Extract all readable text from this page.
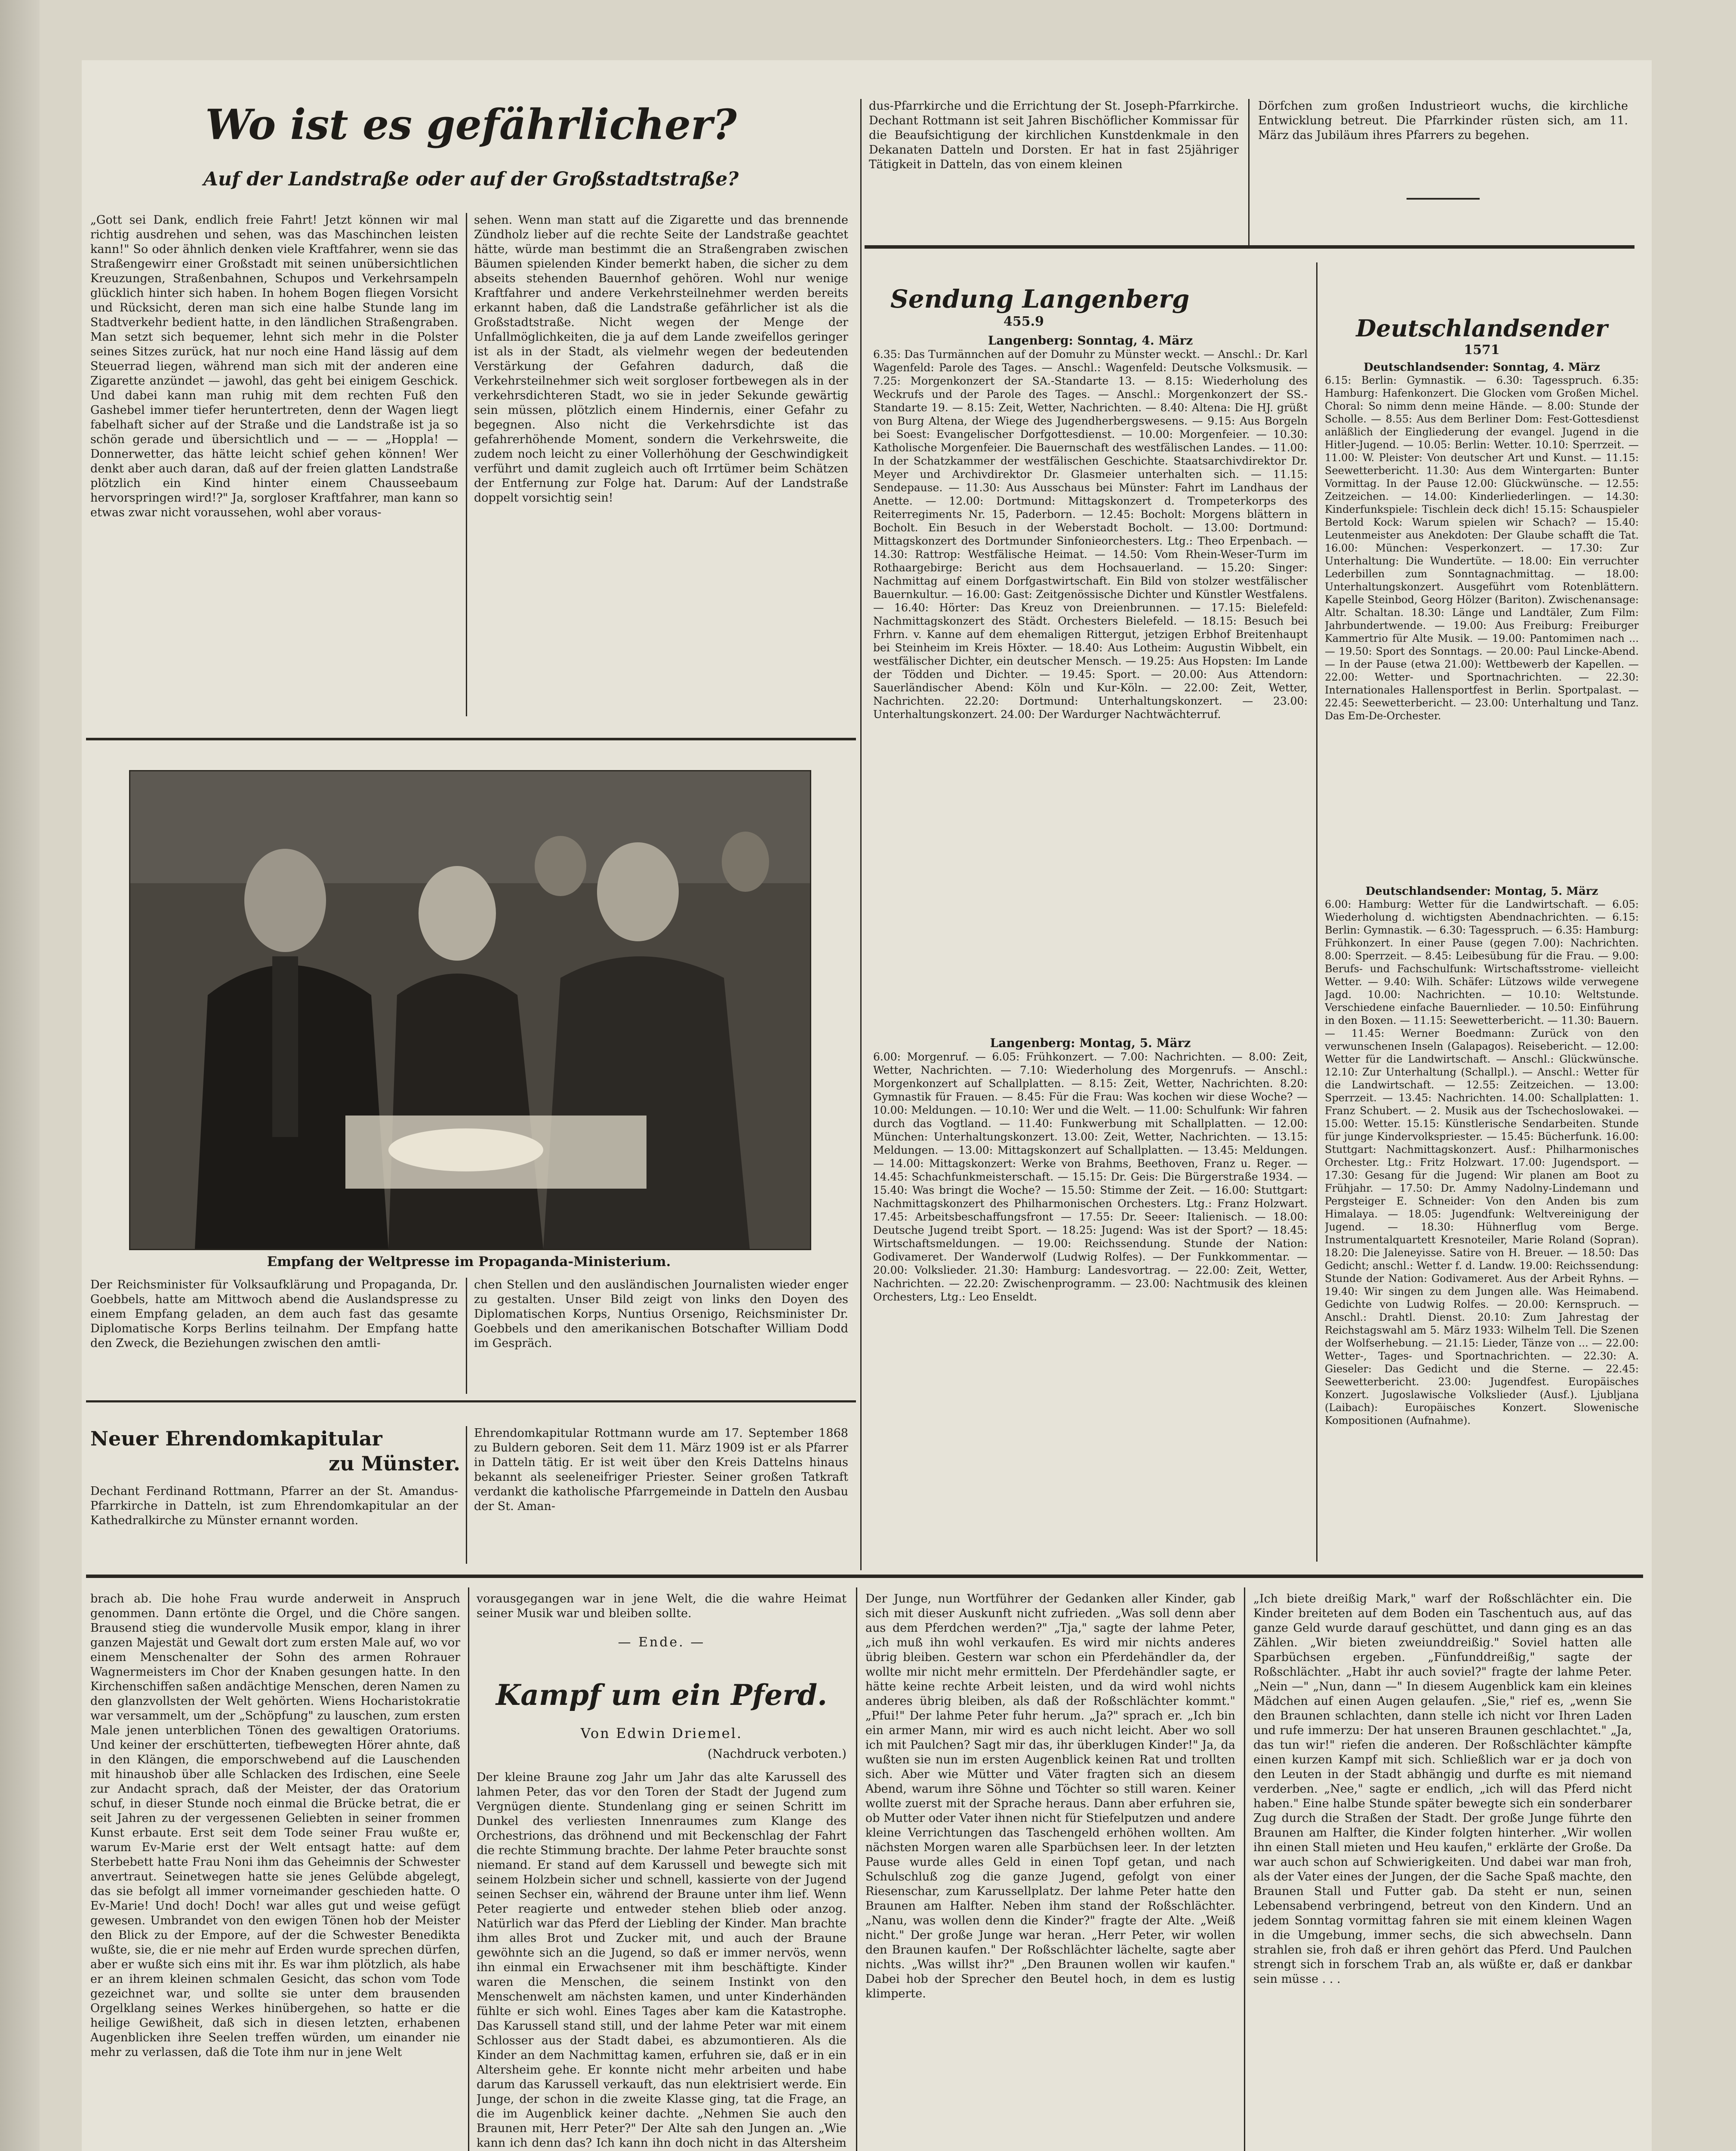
Wo ist es gefährlicher?
Auf der Landstraße oder auf der Großstadtstraße?
„Gott sei Dank, endlich freie Fahrt! Jetzt können wir mal richtig ausdrehen und sehen, was das Maschinchen leisten kann!" So oder ähnlich denken viele Kraftfahrer, wenn sie das Straßengewirr einer Großstadt mit seinen unübersichtlichen Kreuzungen, Straßenbahnen, Schupos und Verkehrsampeln glücklich hinter sich haben. In hohem Bogen fliegen Vorsicht und Rücksicht, deren man sich eine halbe Stunde lang im Stadtverkehr bedient hatte, in den ländlichen Straßengraben. Man setzt sich bequemer, lehnt sich mehr in die Polster seines Sitzes zurück, hat nur noch eine Hand lässig auf dem Steuerrad liegen, während man sich mit der anderen eine Zigarette anzündet — jawohl, das geht bei einigem Geschick. Und dabei kann man ruhig mit dem rechten Fuß den Gashebel immer tiefer heruntertreten, denn der Wagen liegt fabelhaft sicher auf der Straße und die Landstraße ist ja so schön gerade und übersichtlich und — — — „Hoppla! — Donnerwetter, das hätte leicht schief gehen können! Wer denkt aber auch daran, daß auf der freien glatten Landstraße plötzlich ein Kind hinter einem Chausseebaum hervorspringen wird!?" Ja, sorgloser Kraftfahrer, man kann so etwas zwar nicht voraussehen, wohl aber voraus-
sehen. Wenn man statt auf die Zigarette und das brennende Zündholz lieber auf die rechte Seite der Landstraße geachtet hätte, würde man bestimmt die an Straßengraben zwischen Bäumen spielenden Kinder bemerkt haben, die sicher zu dem abseits stehenden Bauernhof gehören. Wohl nur wenige Kraftfahrer und andere Verkehrsteilnehmer werden bereits erkannt haben, daß die Landstraße gefährlicher ist als die Großstadtstraße. Nicht wegen der Menge der Unfallmöglichkeiten, die ja auf dem Lande zweifellos geringer ist als in der Stadt, als vielmehr wegen der bedeutenden Verstärkung der Gefahren dadurch, daß die Verkehrsteilnehmer sich weit sorgloser fortbewegen als in der verkehrsdichteren Stadt, wo sie in jeder Sekunde gewärtig sein müssen, plötzlich einem Hindernis, einer Gefahr zu begegnen. Also nicht die Verkehrsdichte ist das gefahrerhöhende Moment, sondern die Verkehrsweite, die zudem noch leicht zu einer Vollerhöhung der Geschwindigkeit verführt und damit zugleich auch oft Irrtümer beim Schätzen der Entfernung zur Folge hat. Darum: Auf der Landstraße doppelt vorsichtig sein!
Empfang der Weltpresse im Propaganda-Ministerium.
Der Reichsminister für Volksaufklärung und Propaganda, Dr. Goebbels, hatte am Mittwoch abend die Auslandspresse zu einem Empfang geladen, an dem auch fast das gesamte Diplomatische Korps Berlins teilnahm. Der Empfang hatte den Zweck, die Beziehungen zwischen den amtli-
chen Stellen und den ausländischen Journalisten wieder enger zu gestalten. Unser Bild zeigt von links den Doyen des Diplomatischen Korps, Nuntius Orsenigo, Reichsminister Dr. Goebbels und den amerikanischen Botschafter William Dodd im Gespräch.
Neuer Ehrendomkapitular
zu Münster.
Dechant Ferdinand Rottmann, Pfarrer an der St. Amandus-Pfarrkirche in Datteln, ist zum Ehrendomkapitular an der Kathedralkirche zu Münster ernannt worden.
Ehrendomkapitular Rottmann wurde am 17. September 1868 zu Buldern geboren. Seit dem 11. März 1909 ist er als Pfarrer in Datteln tätig. Er ist weit über den Kreis Dattelns hinaus bekannt als seeleneifriger Priester. Seiner großen Tatkraft verdankt die katholische Pfarrgemeinde in Datteln den Ausbau der St. Aman-
dus-Pfarrkirche und die Errichtung der St. Joseph-Pfarrkirche. Dechant Rottmann ist seit Jahren Bischöflicher Kommissar für die Beaufsichtigung der kirchlichen Kunstdenkmale in den Dekanaten Datteln und Dorsten. Er hat in fast 25jähriger Tätigkeit in Datteln, das von einem kleinen
Dörfchen zum großen Industrieort wuchs, die kirchliche Entwicklung betreut. Die Pfarrkinder rüsten sich, am 11. März das Jubiläum ihres Pfarrers zu begehen.
Sendung Langenberg
455.9
Langenberg: Sonntag, 4. März
6.35: Das Turmännchen auf der Domuhr zu Münster weckt. — Anschl.: Dr. Karl Wagenfeld: Parole des Tages. — Anschl.: Wagenfeld: Deutsche Volksmusik. — 7.25: Morgenkonzert der SA.-Standarte 13. — 8.15: Wiederholung des Weckrufs und der Parole des Tages. — Anschl.: Morgenkonzert der SS.-Standarte 19. — 8.15: Zeit, Wetter, Nachrichten. — 8.40: Altena: Die HJ. grüßt von Burg Altena, der Wiege des Jugendherbergswesens. — 9.15: Aus Borgeln bei Soest: Evangelischer Dorfgottesdienst. — 10.00: Morgenfeier. — 10.30: Katholische Morgenfeier. Die Bauernschaft des westfälischen Landes. — 11.00: In der Schatzkammer der westfälischen Geschichte. Staatsarchivdirektor Dr. Meyer und Archivdirektor Dr. Glasmeier unterhalten sich. — 11.15: Sendepause. — 11.30: Aus Ausschaus bei Münster: Fahrt im Landhaus der Anette. — 12.00: Dortmund: Mittagskonzert d. Trompeterkorps des Reiterregiments Nr. 15, Paderborn. — 12.45: Bocholt: Morgens blättern in Bocholt. Ein Besuch in der Weberstadt Bocholt. — 13.00: Dortmund: Mittagskonzert des Dortmunder Sinfonieorchesters. Ltg.: Theo Erpenbach. — 14.30: Rattrop: Westfälische Heimat. — 14.50: Vom Rhein-Weser-Turm im Rothaargebirge: Bericht aus dem Hochsauerland. — 15.20: Singer: Nachmittag auf einem Dorfgastwirtschaft. Ein Bild von stolzer westfälischer Bauernkultur. — 16.00: Gast: Zeitgenössische Dichter und Künstler Westfalens. — 16.40: Hörter: Das Kreuz von Dreienbrunnen. — 17.15: Bielefeld: Nachmittagskonzert des Städt. Orchesters Bielefeld. — 18.15: Besuch bei Frhrn. v. Kanne auf dem ehemaligen Rittergut, jetzigen Erbhof Breitenhaupt bei Steinheim im Kreis Höxter. — 18.40: Aus Lotheim: Augustin Wibbelt, ein westfälischer Dichter, ein deutscher Mensch. — 19.25: Aus Hopsten: Im Lande der Tödden und Dichter. — 19.45: Sport. — 20.00: Aus Attendorn: Sauerländischer Abend: Köln und Kur-Köln. — 22.00: Zeit, Wetter, Nachrichten. 22.20: Dortmund: Unterhaltungskonzert. — 23.00: Unterhaltungskonzert. 24.00: Der Wardurger Nachtwächterruf.
Langenberg: Montag, 5. März
6.00: Morgenruf. — 6.05: Frühkonzert. — 7.00: Nachrichten. — 8.00: Zeit, Wetter, Nachrichten. — 7.10: Wiederholung des Morgenrufs. — Anschl.: Morgenkonzert auf Schallplatten. — 8.15: Zeit, Wetter, Nachrichten. 8.20: Gymnastik für Frauen. — 8.45: Für die Frau: Was kochen wir diese Woche? — 10.00: Meldungen. — 10.10: Wer und die Welt. — 11.00: Schulfunk: Wir fahren durch das Vogtland. — 11.40: Funkwerbung mit Schallplatten. — 12.00: München: Unterhaltungskonzert. 13.00: Zeit, Wetter, Nachrichten. — 13.15: Meldungen. — 13.00: Mittagskonzert auf Schallplatten. — 13.45: Meldungen. — 14.00: Mittagskonzert: Werke von Brahms, Beethoven, Franz u. Reger. — 14.45: Schachfunkmeisterschaft. — 15.15: Dr. Geis: Die Bürgerstraße 1934. — 15.40: Was bringt die Woche? — 15.50: Stimme der Zeit. — 16.00: Stuttgart: Nachmittagskonzert des Philharmonischen Orchesters. Ltg.: Franz Holzwart. 17.45: Arbeitsbeschaffungsfront — 17.55: Dr. Seeer: Italienisch. — 18.00: Deutsche Jugend treibt Sport. — 18.25: Jugend: Was ist der Sport? — 18.45: Wirtschaftsmeldungen. — 19.00: Reichssendung. Stunde der Nation: Godivameret. Der Wanderwolf (Ludwig Rolfes). — Der Funkkommentar. — 20.00: Volkslieder. 21.30: Hamburg: Landesvortrag. — 22.00: Zeit, Wetter, Nachrichten. — 22.20: Zwischenprogramm. — 23.00: Nachtmusik des kleinen Orchesters, Ltg.: Leo Enseldt.
Deutschlandsender
1571
Deutschlandsender: Sonntag, 4. März
6.15: Berlin: Gymnastik. — 6.30: Tagesspruch. 6.35: Hamburg: Hafenkonzert. Die Glocken vom Großen Michel. Choral: So nimm denn meine Hände. — 8.00: Stunde der Scholle. — 8.55: Aus dem Berliner Dom: Fest-Gottesdienst anläßlich der Eingliederung der evangel. Jugend in die Hitler-Jugend. — 10.05: Berlin: Wetter. 10.10: Sperrzeit. — 11.00: W. Pleister: Von deutscher Art und Kunst. — 11.15: Seewetterbericht. 11.30: Aus dem Wintergarten: Bunter Vormittag. In der Pause 12.00: Glückwünsche. — 12.55: Zeitzeichen. — 14.00: Kinderliederlingen. — 14.30: Kinderfunkspiele: Tischlein deck dich! 15.15: Schauspieler Bertold Kock: Warum spielen wir Schach? — 15.40: Leutenmeister aus Anekdoten: Der Glaube schafft die Tat. 16.00: München: Vesperkonzert. — 17.30: Zur Unterhaltung: Die Wundertüte. — 18.00: Ein verruchter Lederbillen zum Sonntagnachmittag. — 18.00: Unterhaltungskonzert. Ausgeführt vom Rotenblättern. Kapelle Steinbod, Georg Hölzer (Bariton). Zwischenansage: Altr. Schaltan. 18.30: Länge und Landtäler, Zum Film: Jahrbundertwende. — 19.00: Aus Freiburg: Freiburger Kammertrio für Alte Musik. — 19.00: Pantomimen nach ... — 19.50: Sport des Sonntags. — 20.00: Paul Lincke-Abend. — In der Pause (etwa 21.00): Wettbewerb der Kapellen. — 22.00: Wetter- und Sportnachrichten. — 22.30: Internationales Hallensportfest in Berlin. Sportpalast. — 22.45: Seewetterbericht. — 23.00: Unterhaltung und Tanz. Das Em-De-Orchester.
Deutschlandsender: Montag, 5. März
6.00: Hamburg: Wetter für die Landwirtschaft. — 6.05: Wiederholung d. wichtigsten Abendnachrichten. — 6.15: Berlin: Gymnastik. — 6.30: Tagesspruch. — 6.35: Hamburg: Frühkonzert. In einer Pause (gegen 7.00): Nachrichten. 8.00: Sperrzeit. — 8.45: Leibesübung für die Frau. — 9.00: Berufs- und Fachschulfunk: Wirtschaftsstrome- vielleicht Wetter. — 9.40: Wilh. Schäfer: Lützows wilde verwegene Jagd. 10.00: Nachrichten. — 10.10: Weltstunde. Verschiedene einfache Bauernlieder. — 10.50: Einführung in den Boxen. — 11.15: Seewetterbericht. — 11.30: Bauern. — 11.45: Werner Boedmann: Zurück von den verwunschenen Inseln (Galapagos). Reisebericht. — 12.00: Wetter für die Landwirtschaft. — Anschl.: Glückwünsche. 12.10: Zur Unterhaltung (Schallpl.). — Anschl.: Wetter für die Landwirtschaft. — 12.55: Zeitzeichen. — 13.00: Sperrzeit. — 13.45: Nachrichten. 14.00: Schallplatten: 1. Franz Schubert. — 2. Musik aus der Tschechoslowakei. — 15.00: Wetter. 15.15: Künstlerische Sendarbeiten. Stunde für junge Kindervolkspriester. — 15.45: Bücherfunk. 16.00: Stuttgart: Nachmittagskonzert. Ausf.: Philharmonisches Orchester. Ltg.: Fritz Holzwart. 17.00: Jugendsport. — 17.30: Gesang für die Jugend: Wir planen am Boot zu Frühjahr. — 17.50: Dr. Ammy Nadolny-Lindemann und Pergsteiger E. Schneider: Von den Anden bis zum Himalaya. — 18.05: Jugendfunk: Weltvereinigung der Jugend. — 18.30: Hühnerflug vom Berge. Instrumentalquartett Kresnoteiler, Marie Roland (Sopran). 18.20: Die Jaleneyisse. Satire von H. Breuer. — 18.50: Das Gedicht; anschl.: Wetter f. d. Landw. 19.00: Reichssendung: Stunde der Nation: Godivameret. Aus der Arbeit Ryhns. — 19.40: Wir singen zu dem Jungen alle. Was Heimabend. Gedichte von Ludwig Rolfes. — 20.00: Kernspruch. — Anschl.: Drahtl. Dienst. 20.10: Zum Jahrestag der Reichstagswahl am 5. März 1933: Wilhelm Tell. Die Szenen der Wolfserhebung. — 21.15: Lieder, Tänze von ... — 22.00: Wetter-, Tages- und Sportnachrichten. — 22.30: A. Gieseler: Das Gedicht und die Sterne. — 22.45: Seewetterbericht. 23.00: Jugendfest. Europäisches Konzert. Jugoslawische Volkslieder (Ausf.). Ljubljana (Laibach): Europäisches Konzert. Slowenische Kompositionen (Aufnahme).
brach ab. Die hohe Frau wurde anderweit in Anspruch genommen. Dann ertönte die Orgel, und die Chöre sangen. Brausend stieg die wundervolle Musik empor, klang in ihrer ganzen Majestät und Gewalt dort zum ersten Male auf, wo vor einem Menschenalter der Sohn des armen Rohrauer Wagnermeisters im Chor der Knaben gesungen hatte. In den Kirchenschiffen saßen andächtige Menschen, deren Namen zu den glanzvollsten der Welt gehörten. Wiens Hocharistokratie war versammelt, um der „Schöpfung" zu lauschen, zum ersten Male jenen unterblichen Tönen des gewaltigen Oratoriums. Und keiner der erschütterten, tiefbewegten Hörer ahnte, daß in den Klängen, die emporschwebend auf die Lauschenden mit hinaushob über alle Schlacken des Irdischen, eine Seele zur Andacht sprach, daß der Meister, der das Oratorium schuf, in dieser Stunde noch einmal die Brücke betrat, die er seit Jahren zu der vergessenen Geliebten in seiner frommen Kunst erbaute. Erst seit dem Tode seiner Frau wußte er, warum Ev-Marie erst der Welt entsagt hatte: auf dem Sterbebett hatte Frau Noni ihm das Geheimnis der Schwester anvertraut. Seinetwegen hatte sie jenes Gelübde abgelegt, das sie befolgt all immer vorneimander geschieden hatte. O Ev-Marie! Und doch! Doch! war alles gut und weise gefügt gewesen. Umbrandet von den ewigen Tönen hob der Meister den Blick zu der Empore, auf der die Schwester Benedikta wußte, sie, die er nie mehr auf Erden wurde sprechen dürfen, aber er wußte sich eins mit ihr. Es war ihm plötzlich, als habe er an ihrem kleinen schmalen Gesicht, das schon vom Tode gezeichnet war, und sollte sie unter dem brausenden Orgelklang seines Werkes hinübergehen, so hatte er die heilige Gewißheit, daß sich in diesen letzten, erhabenen Augenblicken ihre Seelen treffen würden, um einander nie mehr zu verlassen, daß die Tote ihm nur in jene Welt
vorausgegangen war in jene Welt, die die wahre Heimat seiner Musik war und bleiben sollte.
— Ende. —
Kampf um ein Pferd.
Von Edwin Driemel.
(Nachdruck verboten.)
Der kleine Braune zog Jahr um Jahr das alte Karussell des lahmen Peter, das vor den Toren der Stadt der Jugend zum Vergnügen diente. Stundenlang ging er seinen Schritt im Dunkel des verliesten Innenraumes zum Klange des Orchestrions, das dröhnend und mit Beckenschlag der Fahrt die rechte Stimmung brachte. Der lahme Peter brauchte sonst niemand. Er stand auf dem Karussell und bewegte sich mit seinem Holzbein sicher und schnell, kassierte von der Jugend seinen Sechser ein, während der Braune unter ihm lief. Wenn Peter reagierte und entweder stehen blieb oder anzog. Natürlich war das Pferd der Liebling der Kinder. Man brachte ihm alles Brot und Zucker mit, und auch der Braune gewöhnte sich an die Jugend, so daß er immer nervös, wenn ihn einmal ein Erwachsener mit ihm beschäftigte. Kinder waren die Menschen, die seinem Instinkt von den Menschenwelt am nächsten kamen, und unter Kinderhänden fühlte er sich wohl. Eines Tages aber kam die Katastrophe. Das Karussell stand still, und der lahme Peter war mit einem Schlosser aus der Stadt dabei, es abzumontieren. Als die Kinder an dem Nachmittag kamen, erfuhren sie, daß er in ein Altersheim gehe. Er konnte nicht mehr arbeiten und habe darum das Karussell verkauft, das nun elektrisiert werde. Ein Junge, der schon in die zweite Klasse ging, tat die Frage, an die im Augenblick keiner dachte. „Nehmen Sie auch den Braunen mit, Herr Peter?" Der Alte sah den Jungen an. „Wie kann ich denn das? Ich kann ihn doch nicht in das Altersheim
Der Junge, nun Wortführer der Gedanken aller Kinder, gab sich mit dieser Auskunft nicht zufrieden. „Was soll denn aber aus dem Pferdchen werden?" „Tja," sagte der lahme Peter, „ich muß ihn wohl verkaufen. Es wird mir nichts anderes übrig bleiben. Gestern war schon ein Pferdehändler da, der wollte mir nicht mehr ermitteln. Der Pferdehändler sagte, er hätte keine rechte Arbeit leisten, und da wird wohl nichts anderes übrig bleiben, als daß der Roßschlächter kommt." „Pfui!" Der lahme Peter fuhr herum. „Ja?" sprach er. „Ich bin ein armer Mann, mir wird es auch nicht leicht. Aber wo soll ich mit Paulchen? Sagt mir das, ihr überklugen Kinder!" Ja, da wußten sie nun im ersten Augenblick keinen Rat und trollten sich. Aber wie Mütter und Väter fragten sich an diesem Abend, warum ihre Söhne und Töchter so still waren. Keiner wollte zuerst mit der Sprache heraus. Dann aber erfuhren sie, ob Mutter oder Vater ihnen nicht für Stiefelputzen und andere kleine Verrichtungen das Taschengeld erhöhen wollten. Am nächsten Morgen waren alle Sparbüchsen leer. In der letzten Pause wurde alles Geld in einen Topf getan, und nach Schulschluß zog die ganze Jugend, gefolgt von einer Riesenschar, zum Karussellplatz. Der lahme Peter hatte den Braunen am Halfter. Neben ihm stand der Roßschlächter. „Nanu, was wollen denn die Kinder?" fragte der Alte. „Weiß nicht." Der große Junge war heran. „Herr Peter, wir wollen den Braunen kaufen." Der Roßschlächter lächelte, sagte aber nichts. „Was willst ihr?" „Den Braunen wollen wir kaufen." Dabei hob der Sprecher den Beutel hoch, in dem es lustig klimperte.
„Ich biete dreißig Mark," warf der Roßschlächter ein. Die Kinder breiteten auf dem Boden ein Taschentuch aus, auf das ganze Geld wurde darauf geschüttet, und dann ging es an das Zählen. „Wir bieten zweiunddreißig." Soviel hatten alle Sparbüchsen ergeben. „Fünfunddreißig," sagte der Roßschlächter. „Habt ihr auch soviel?" fragte der lahme Peter. „Nein —" „Nun, dann —" In diesem Augenblick kam ein kleines Mädchen auf einen Augen gelaufen. „Sie," rief es, „wenn Sie den Braunen schlachten, dann stelle ich nicht vor Ihren Laden und rufe immerzu: Der hat unseren Braunen geschlachtet." „Ja, das tun wir!" riefen die anderen. Der Roßschlächter kämpfte einen kurzen Kampf mit sich. Schließlich war er ja doch von den Leuten in der Stadt abhängig und durfte es mit niemand verderben. „Nee," sagte er endlich, „ich will das Pferd nicht haben." Eine halbe Stunde später bewegte sich ein sonderbarer Zug durch die Straßen der Stadt. Der große Junge führte den Braunen am Halfter, die Kinder folgten hinterher. „Wir wollen ihn einen Stall mieten und Heu kaufen," erklärte der Große. Da war auch schon auf Schwierigkeiten. Und dabei war man froh, als der Vater eines der Jungen, der die Sache Spaß machte, den Braunen Stall und Futter gab. Da steht er nun, seinen Lebensabend verbringend, betreut von den Kindern. Und an jedem Sonntag vormittag fahren sie mit einem kleinen Wagen in die Umgebung, immer sechs, die sich abwechseln. Dann strahlen sie, froh daß er ihren gehört das Pferd. Und Paulchen strengt sich in forschem Trab an, als wüßte er, daß er dankbar sein müsse . . .
